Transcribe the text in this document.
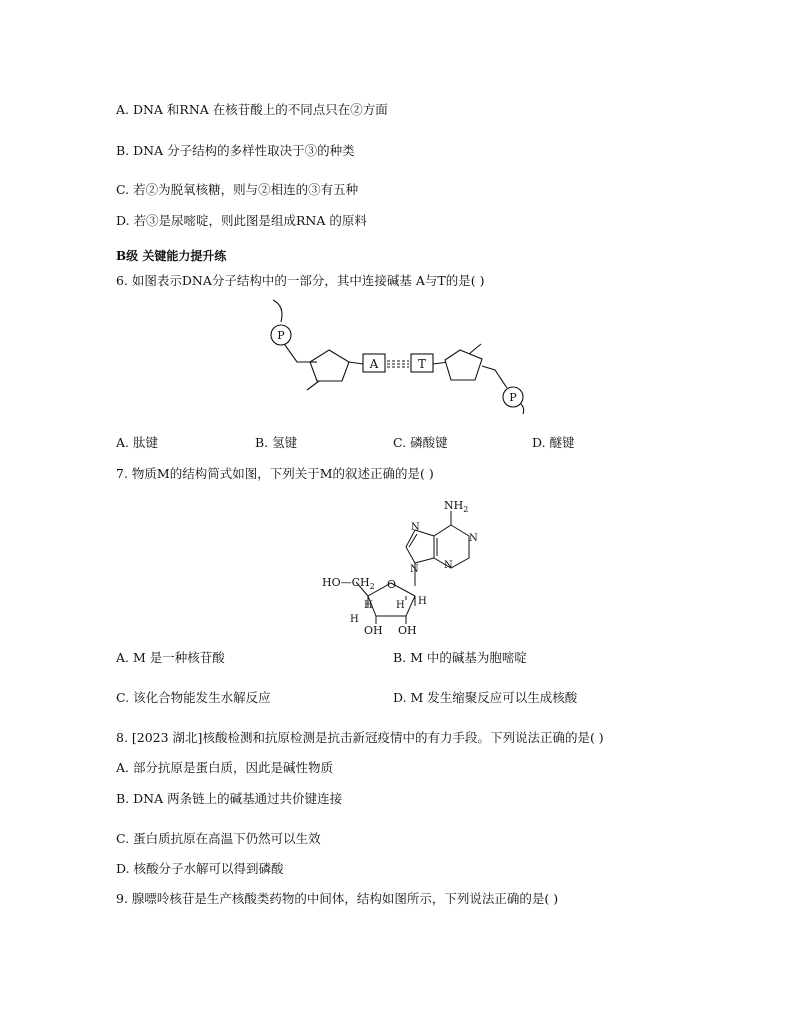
A. DNA 和RNA 在核苷酸上的不同点只在②方面
B. DNA 分子结构的多样性取决于③的种类
C. 若②为脱氧核糖，则与②相连的③有五种
D. 若③是尿嘧啶，则此图是组成RNA 的原料
B级 关键能力提升练
6. 如图表示DNA分子结构中的一部分，其中连接碱基 A与T的是( )
P
A	T
P
A. 肽键	B. 氢键	C. 磷酸键	D. 醚键
7. 物质M的结构简式如图，下列关于M的叙述正确的是( )
$NH_2$
N
N
N
N
$HO—CH_2$ O
H H
H
H
OH OH
A. M 是一种核苷酸	B. M 中的碱基为胞嘧啶
C. 该化合物能发生水解反应	D. M 发生缩聚反应可以生成核酸
8. [2023 湖北]核酸检测和抗原检测是抗击新冠疫情中的有力手段。下列说法正确的是( )
A. 部分抗原是蛋白质，因此是碱性物质
B. DNA 两条链上的碱基通过共价键连接
C. 蛋白质抗原在高温下仍然可以生效
D. 核酸分子水解可以得到磷酸
9. 腺嘌呤核苷是生产核酸类药物的中间体，结构如图所示，下列说法正确的是( )
